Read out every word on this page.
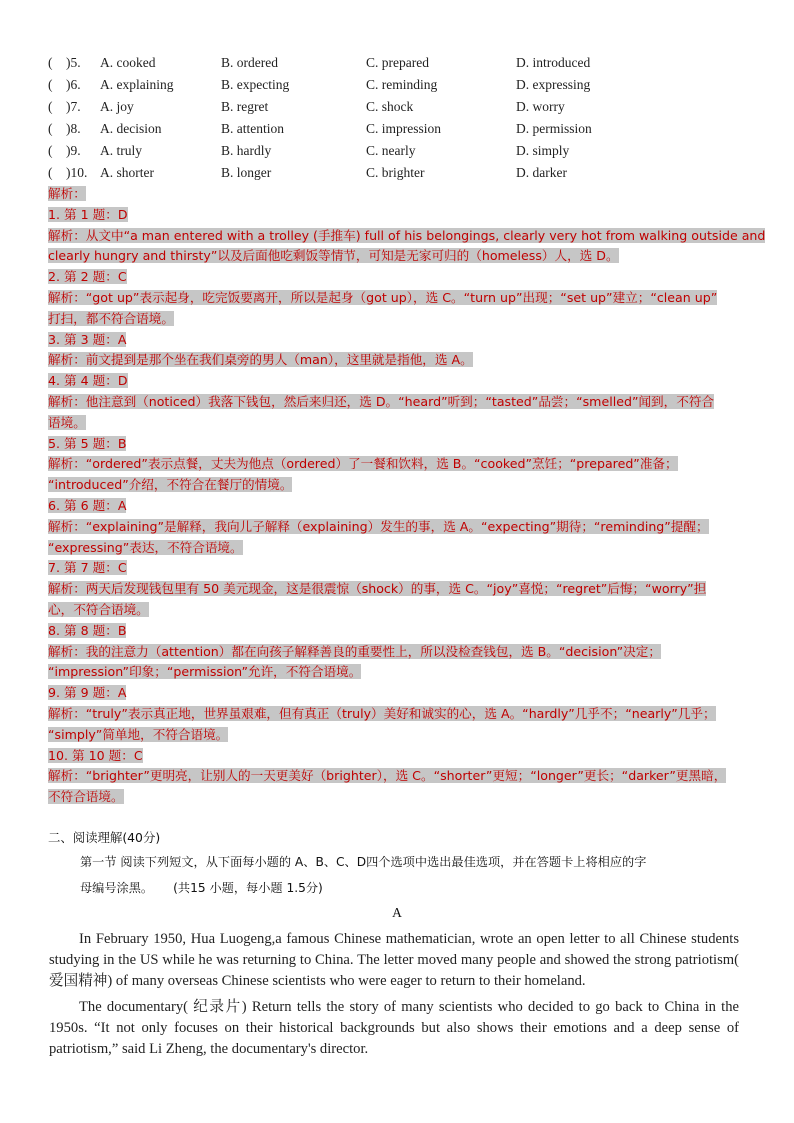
(    )5. A. cooked	B. ordered	C. prepared	D. introduced
(    )6. A. explaining	B. expecting	C. reminding	D. expressing
(    )7. A. joy	B. regret	C. shock	D. worry
(    )8. A. decision	B. attention	C. impression	D. permission
(    )9. A. truly	B. hardly	C. nearly	D. simply
(    )10. A. shorter	B. longer	C. brighter	D. darker
解析：
1. 第 1 题：D
解析：从文中“a man entered with a trolley (手推车) full of his belongings, clearly very hot from walking outside and
clearly hungry and thirsty”以及后面他吃剩饭等情节，可知是无家可归的（homeless）人，选 D。
2. 第 2 题：C
解析：“got up”表示起身，吃完饭要离开，所以是起身（got up），选 C。“turn up”出现；“set up”建立；“clean up”
打扫，都不符合语境。
3. 第 3 题：A
解析：前文提到是那个坐在我们桌旁的男人（man），这里就是指他，选 A。
4. 第 4 题：D
解析：他注意到（noticed）我落下钱包，然后来归还，选 D。“heard”听到；“tasted”品尝；“smelled”闻到，不符合
语境。
5. 第 5 题：B
解析：“ordered”表示点餐，丈夫为他点（ordered）了一餐和饮料，选 B。“cooked”烹饪；“prepared”准备；
“introduced”介绍，不符合在餐厅的情境。
6. 第 6 题：A
解析：“explaining”是解释，我向儿子解释（explaining）发生的事，选 A。“expecting”期待；“reminding”提醒；
“expressing”表达，不符合语境。
7. 第 7 题：C
解析：两天后发现钱包里有 50 美元现金，这是很震惊（shock）的事，选 C。“joy”喜悦；“regret”后悔；“worry”担
心，不符合语境。
8. 第 8 题：B
解析：我的注意力（attention）都在向孩子解释善良的重要性上，所以没检查钱包，选 B。“decision”决定；
“impression”印象；“permission”允许，不符合语境。
9. 第 9 题：A
解析：“truly”表示真正地，世界虽艰难，但有真正（truly）美好和诚实的心，选 A。“hardly”几乎不；“nearly”几乎；
“simply”简单地，不符合语境。
10. 第 10 题：C
解析：“brighter”更明亮，让别人的一天更美好（brighter），选 C。“shorter”更短；“longer”更长；“darker”更黑暗，
不符合语境。
二、阅读理解(40分)
第一节 阅读下列短文，从下面每小题的 A、B、C、D四个选项中选出最佳选项，并在答题卡上将相应的字
母编号涂黑。 (共15 小题，每小题 1.5分)
A
In February 1950, Hua Luogeng,a famous Chinese mathematician, wrote an open letter to all Chinese students studying in the US while he was returning to China. The letter moved many people and showed the strong patriotism( 爱国精神) of many overseas Chinese scientists who were eager to return to their homeland.
The documentary( 纪录片) Return tells the story of many scientists who decided to go back to China in the 1950s. “It not only focuses on their historical backgrounds but also shows their emotions and a deep sense of patriotism,” said Li Zheng, the documentary's director.
